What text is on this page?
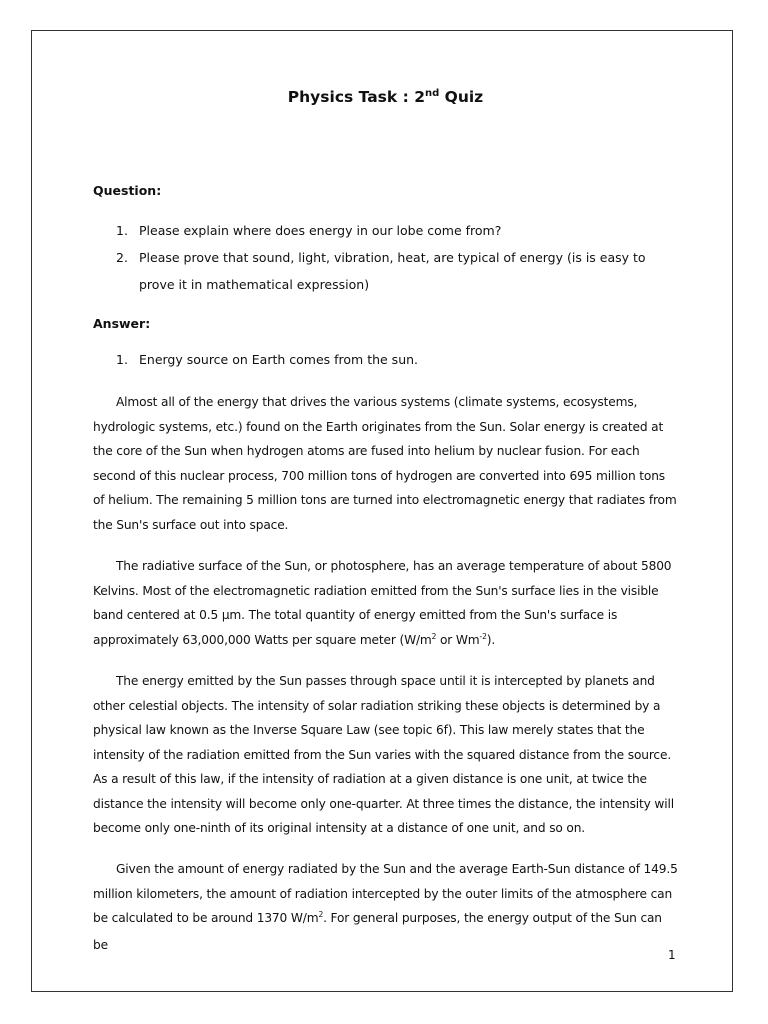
Physics Task : 2nd Quiz
Question:
1. Please explain where does energy in our lobe come from?
2. Please prove that sound, light, vibration, heat, are typical of energy (is is easy to prove it in mathematical expression)
Answer:
1. Energy source on Earth comes from the sun.
Almost all of the energy that drives the various systems (climate systems, ecosystems, hydrologic systems, etc.) found on the Earth originates from the Sun. Solar energy is created at the core of the Sun when hydrogen atoms are fused into helium by nuclear fusion. For each second of this nuclear process, 700 million tons of hydrogen are converted into 695 million tons of helium. The remaining 5 million tons are turned into electromagnetic energy that radiates from the Sun's surface out into space.
The radiative surface of the Sun, or photosphere, has an average temperature of about 5800 Kelvins. Most of the electromagnetic radiation emitted from the Sun's surface lies in the visible band centered at 0.5 µm. The total quantity of energy emitted from the Sun's surface is approximately 63,000,000 Watts per square meter ($W/m^2$ or $Wm^{-2}$).
The energy emitted by the Sun passes through space until it is intercepted by planets and other celestial objects. The intensity of solar radiation striking these objects is determined by a physical law known as the Inverse Square Law (see topic 6f). This law merely states that the intensity of the radiation emitted from the Sun varies with the squared distance from the source. As a result of this law, if the intensity of radiation at a given distance is one unit, at twice the distance the intensity will become only one-quarter. At three times the distance, the intensity will become only one-ninth of its original intensity at a distance of one unit, and so on.
Given the amount of energy radiated by the Sun and the average Earth-Sun distance of 149.5 million kilometers, the amount of radiation intercepted by the outer limits of the atmosphere can be calculated to be around 1370 $W/m^2$. For general purposes, the energy output of the Sun can be
1
